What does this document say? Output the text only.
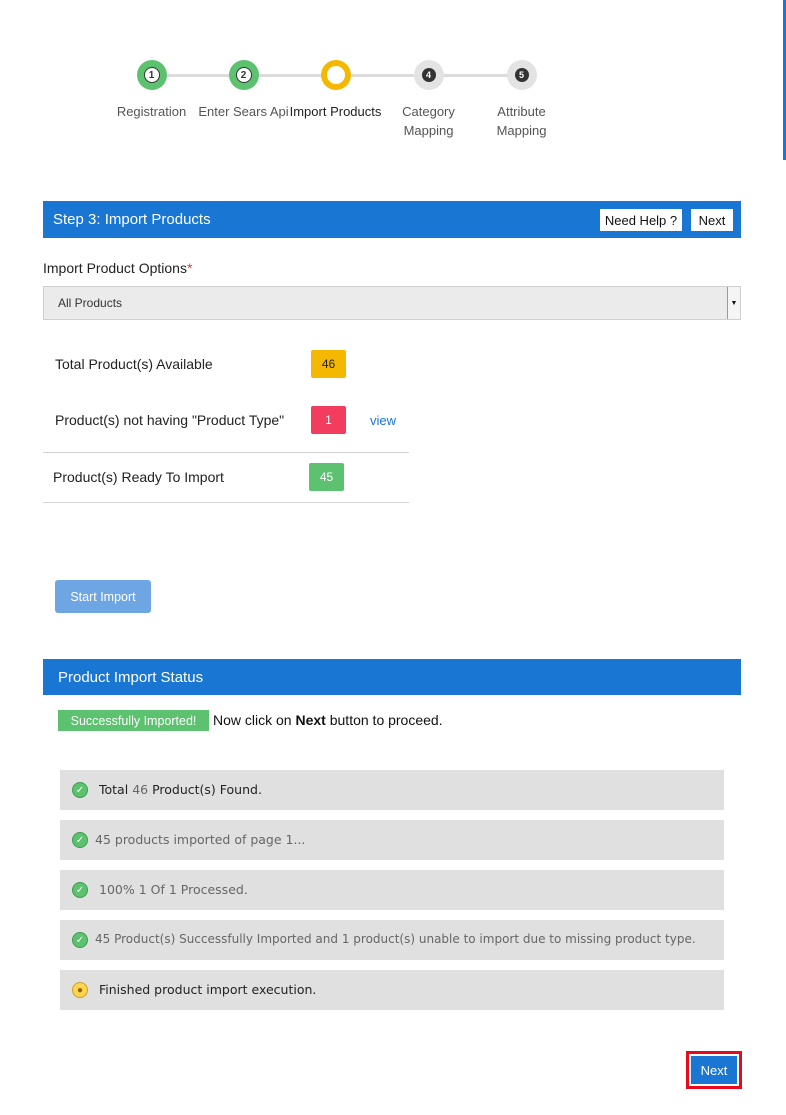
1
Registration
2
Enter Sears Api Import Products
4
Category Mapping
5
Attribute Mapping
Step 3: Import Products	Need Help ?	Next
Import Product Options*
All Products	▼
Total Product(s) Available	46
Product(s) not having "Product Type"	1	view
Product(s) Ready To Import	45
Start Import
Product Import Status
Successfully Imported!	Now click on Next button to proceed.
✓	Total 46 Product(s) Found.
✓ 45 products imported of page 1...
✓	100% 1 Of 1 Processed.
✓ 45 Product(s) Successfully Imported and 1 product(s) unable to import due to missing product type.
●	Finished product import execution.
Next
